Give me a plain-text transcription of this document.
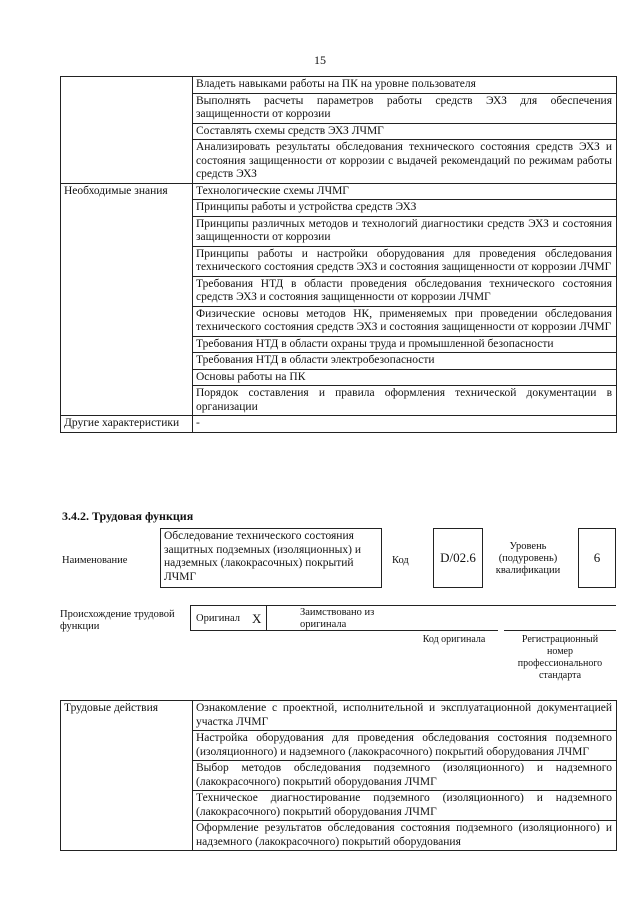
15
	Владеть навыками работы на ПК на уровне пользователя
	Выполнять расчеты параметров работы средств ЭХЗ для обеспечения защищенности от коррозии
	Составлять схемы средств ЭХЗ ЛЧМГ
	Анализировать результаты обследования технического состояния средств ЭХЗ и состояния защищенности от коррозии с выдачей рекомендаций по режимам работы средств ЭХЗ
Необходимые знания	Технологические схемы ЛЧМГ
	Принципы работы и устройства средств ЭХЗ
	Принципы различных методов и технологий диагностики средств ЭХЗ и состояния защищенности от коррозии
	Принципы работы и настройки оборудования для проведения обследования технического состояния средств ЭХЗ и состояния защищенности от коррозии ЛЧМГ
	Требования НТД в области проведения обследования технического состояния средств ЭХЗ и состояния защищенности от коррозии ЛЧМГ
	Физические основы методов НК, применяемых при проведении обследования технического состояния средств ЭХЗ и состояния защищенности от коррозии ЛЧМГ
	Требования НТД в области охраны труда и промышленной безопасности
	Требования НТД в области электробезопасности
	Основы работы на ПК
	Порядок составления и правила оформления технической документации в организации
Другие характеристики	-
3.4.2. Трудовая функция
Наименование
Обследование технического состояния защитных подземных (изоляционных) и надземных (лакокрасочных) покрытий ЛЧМГ
Код D/02.6
Уровень (подуровень) квалификации
6
Происхождение трудовой функции
Оригинал X	Заимствовано из оригинала
Код оригинала	Регистрационный номер профессионального стандарта
Трудовые действия	Ознакомление с проектной, исполнительной и эксплуатационной документацией участка ЛЧМГ
	Настройка оборудования для проведения обследования состояния подземного (изоляционного) и надземного (лакокрасочного) покрытий оборудования ЛЧМГ
	Выбор методов обследования подземного (изоляционного) и надземного (лакокрасочного) покрытий оборудования ЛЧМГ
	Техническое диагностирование подземного (изоляционного) и надземного (лакокрасочного) покрытий оборудования ЛЧМГ
	Оформление результатов обследования состояния подземного (изоляционного) и надземного (лакокрасочного) покрытий оборудования
